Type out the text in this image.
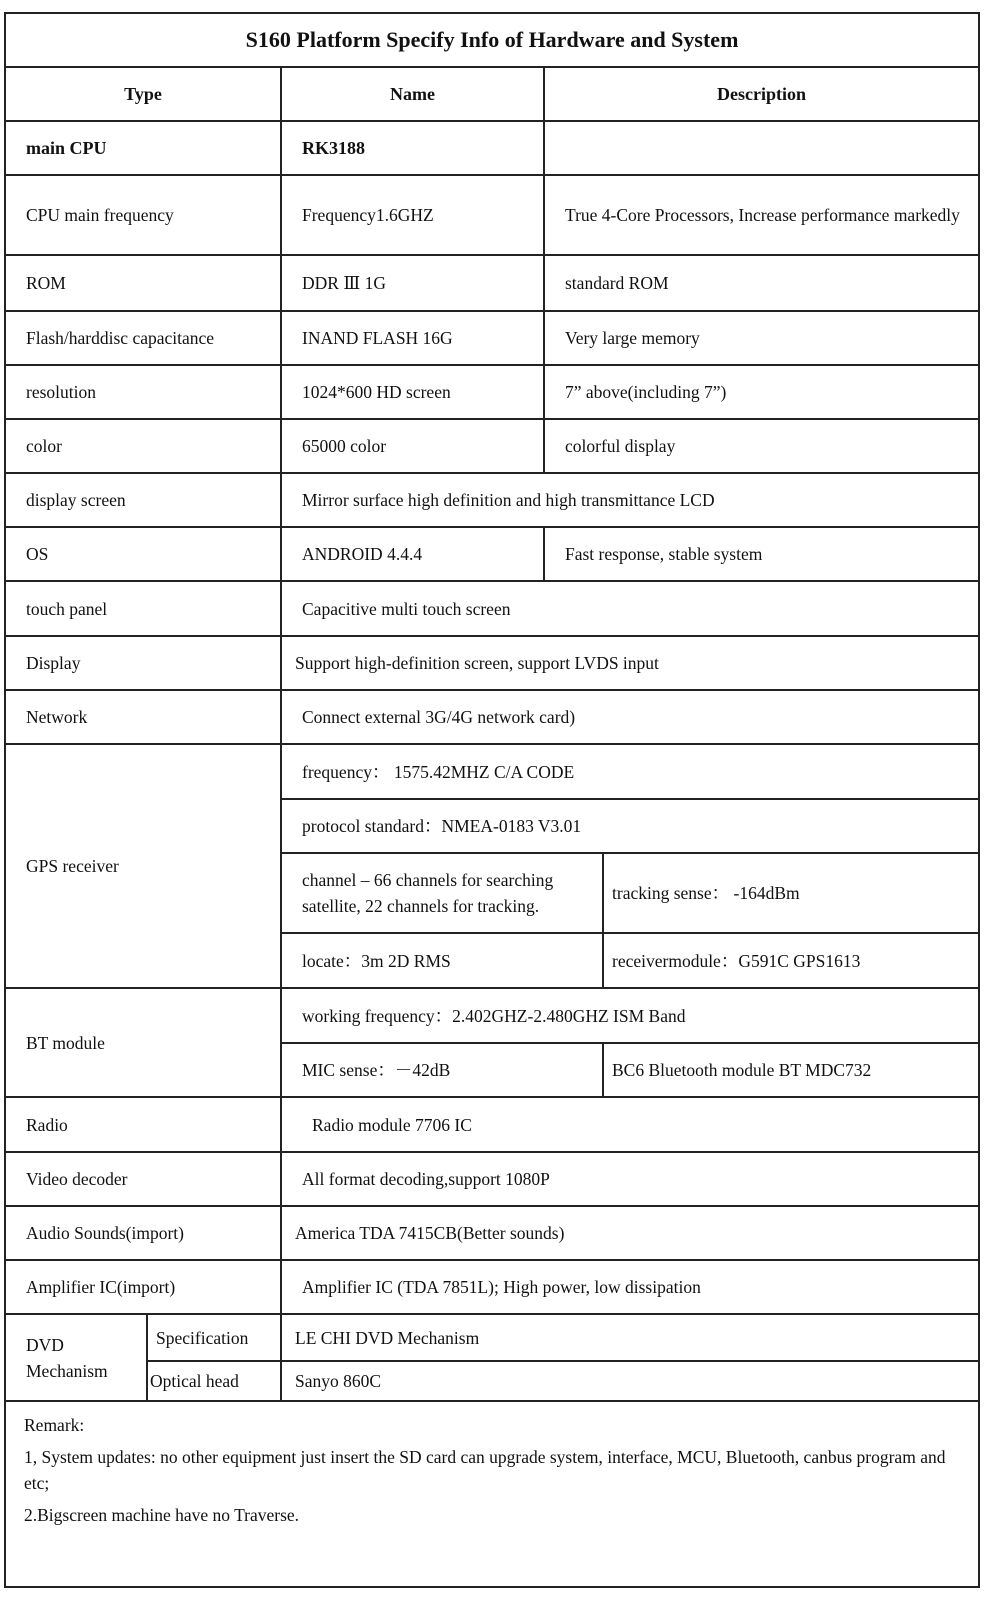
S160 Platform Specify Info of Hardware and System				
Type		Name	Description	
main CPU		RK3188		
CPU main frequency		Frequency1.6GHZ	True 4-Core Processors, Increase performance markedly	
ROM		DDR Ⅲ 1G	standard ROM	
Flash/harddisc capacitance		INAND FLASH 16G	Very large memory	
resolution		1024*600 HD screen	7” above(including 7”)	
color		65000 color	colorful display	
display screen		Mirror surface high definition and high transmittance LCD		
OS		ANDROID 4.4.4	Fast response, stable system	
touch panel		Capacitive multi touch screen		
Display		Support high-definition screen, support LVDS input		
Network		Connect external 3G/4G network card)		
GPS receiver		frequency： 1575.42MHZ C/A CODE		
		protocol standard：NMEA-0183 V3.01		
		channel – 66 channels for searching satellite, 22 channels for tracking.		tracking sense： -164dBm
		locate：3m 2D RMS		receivermodule：G591C GPS1613
BT module		working frequency：2.402GHZ-2.480GHZ ISM Band		
		MIC sense：－42dB		BC6 Bluetooth module BT MDC732
Radio		Radio module 7706 IC		
Video decoder		All format decoding,support 1080P		
Audio Sounds(import)		America TDA 7415CB(Better sounds)		
Amplifier IC(import)		Amplifier IC (TDA 7851L); High power, low dissipation		
DVD Mechanism	Specification	LE CHI DVD Mechanism		
	Optical head	Sanyo 860C		

Remark:

1, System updates: no other equipment just insert the SD card can upgrade system, interface, MCU, Bluetooth, canbus program and etc;

2.Bigscreen machine have no Traverse.				
